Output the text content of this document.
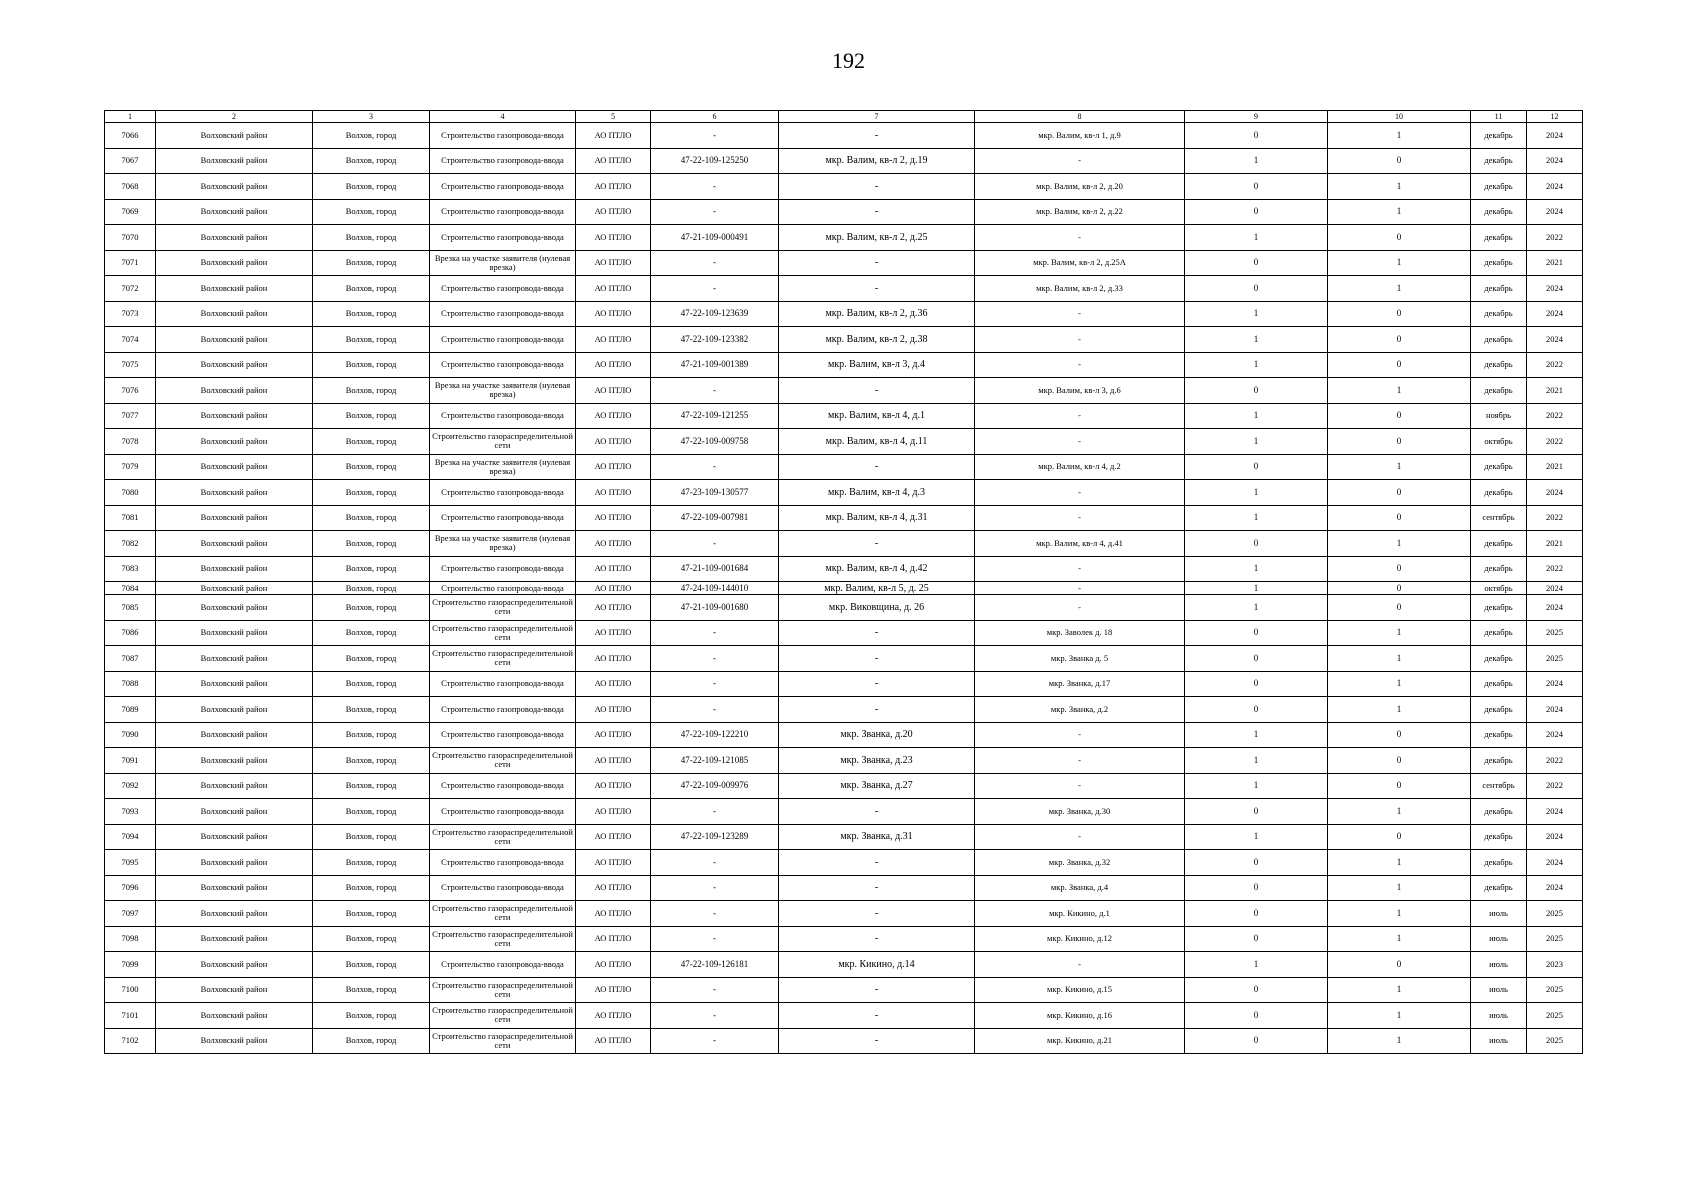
192
1	2	3	4	5	6	7	8	9	10	11	12
7066	Волховский район	Волхов, город	Строительство газопровода-ввода	АО ПТЛО	-	-	мкр. Валим, кв-л 1, д.9	0	1	декабрь	2024
7067	Волховский район	Волхов, город	Строительство газопровода-ввода	АО ПТЛО	47-22-109-125250	мкр. Валим, кв-л 2, д.19	-	1	0	декабрь	2024
7068	Волховский район	Волхов, город	Строительство газопровода-ввода	АО ПТЛО	-	-	мкр. Валим, кв-л 2, д.20	0	1	декабрь	2024
7069	Волховский район	Волхов, город	Строительство газопровода-ввода	АО ПТЛО	-	-	мкр. Валим, кв-л 2, д.22	0	1	декабрь	2024
7070	Волховский район	Волхов, город	Строительство газопровода-ввода	АО ПТЛО	47-21-109-000491	мкр. Валим, кв-л 2, д.25	-	1	0	декабрь	2022
7071	Волховский район	Волхов, город	Врезка на участке заявителя (нулевая врезка)	АО ПТЛО	-	-	мкр. Валим, кв-л 2, д.25А	0	1	декабрь	2021
7072	Волховский район	Волхов, город	Строительство газопровода-ввода	АО ПТЛО	-	-	мкр. Валим, кв-л 2, д.33	0	1	декабрь	2024
7073	Волховский район	Волхов, город	Строительство газопровода-ввода	АО ПТЛО	47-22-109-123639	мкр. Валим, кв-л 2, д.36	-	1	0	декабрь	2024
7074	Волховский район	Волхов, город	Строительство газопровода-ввода	АО ПТЛО	47-22-109-123382	мкр. Валим, кв-л 2, д.38	-	1	0	декабрь	2024
7075	Волховский район	Волхов, город	Строительство газопровода-ввода	АО ПТЛО	47-21-109-001389	мкр. Валим, кв-л 3, д.4	-	1	0	декабрь	2022
7076	Волховский район	Волхов, город	Врезка на участке заявителя (нулевая врезка)	АО ПТЛО	-	-	мкр. Валим, кв-л 3, д.6	0	1	декабрь	2021
7077	Волховский район	Волхов, город	Строительство газопровода-ввода	АО ПТЛО	47-22-109-121255	мкр. Валим, кв-л 4, д.1	-	1	0	ноябрь	2022
7078	Волховский район	Волхов, город	Строительство газораспределительной сети	АО ПТЛО	47-22-109-009758	мкр. Валим, кв-л 4, д.11	-	1	0	октябрь	2022
7079	Волховский район	Волхов, город	Врезка на участке заявителя (нулевая врезка)	АО ПТЛО	-	-	мкр. Валим, кв-л 4, д.2	0	1	декабрь	2021
7080	Волховский район	Волхов, город	Строительство газопровода-ввода	АО ПТЛО	47-23-109-130577	мкр. Валим, кв-л 4, д.3	-	1	0	декабрь	2024
7081	Волховский район	Волхов, город	Строительство газопровода-ввода	АО ПТЛО	47-22-109-007981	мкр. Валим, кв-л 4, д.31	-	1	0	сентябрь	2022
7082	Волховский район	Волхов, город	Врезка на участке заявителя (нулевая врезка)	АО ПТЛО	-	-	мкр. Валим, кв-л 4, д.41	0	1	декабрь	2021
7083	Волховский район	Волхов, город	Строительство газопровода-ввода	АО ПТЛО	47-21-109-001684	мкр. Валим, кв-л 4, д.42	-	1	0	декабрь	2022
7084	Волховский район	Волхов, город	Строительство газопровода-ввода	АО ПТЛО	47-24-109-144010	мкр. Валим, кв-л 5, д. 25	-	1	0	октябрь	2024
7085	Волховский район	Волхов, город	Строительство газораспределительной сети	АО ПТЛО	47-21-109-001680	мкр. Виковщина, д. 26	-	1	0	декабрь	2024
7086	Волховский район	Волхов, город	Строительство газораспределительной сети	АО ПТЛО	-	-	мкр. Заволек д. 18	0	1	декабрь	2025
7087	Волховский район	Волхов, город	Строительство газораспределительной сети	АО ПТЛО	-	-	мкр. Званка д. 5	0	1	декабрь	2025
7088	Волховский район	Волхов, город	Строительство газопровода-ввода	АО ПТЛО	-	-	мкр. Званка, д.17	0	1	декабрь	2024
7089	Волховский район	Волхов, город	Строительство газопровода-ввода	АО ПТЛО	-	-	мкр. Званка, д.2	0	1	декабрь	2024
7090	Волховский район	Волхов, город	Строительство газопровода-ввода	АО ПТЛО	47-22-109-122210	мкр. Званка, д.20	-	1	0	декабрь	2024
7091	Волховский район	Волхов, город	Строительство газораспределительной сети	АО ПТЛО	47-22-109-121085	мкр. Званка, д.23	-	1	0	декабрь	2022
7092	Волховский район	Волхов, город	Строительство газопровода-ввода	АО ПТЛО	47-22-109-009976	мкр. Званка, д.27	-	1	0	сентябрь	2022
7093	Волховский район	Волхов, город	Строительство газопровода-ввода	АО ПТЛО	-	-	мкр. Званка, д.30	0	1	декабрь	2024
7094	Волховский район	Волхов, город	Строительство газораспределительной сети	АО ПТЛО	47-22-109-123289	мкр. Званка, д.31	-	1	0	декабрь	2024
7095	Волховский район	Волхов, город	Строительство газопровода-ввода	АО ПТЛО	-	-	мкр. Званка, д.32	0	1	декабрь	2024
7096	Волховский район	Волхов, город	Строительство газопровода-ввода	АО ПТЛО	-	-	мкр. Званка, д.4	0	1	декабрь	2024
7097	Волховский район	Волхов, город	Строительство газораспределительной сети	АО ПТЛО	-	-	мкр. Кикино, д.1	0	1	июль	2025
7098	Волховский район	Волхов, город	Строительство газораспределительной сети	АО ПТЛО	-	-	мкр. Кикино, д.12	0	1	июль	2025
7099	Волховский район	Волхов, город	Строительство газопровода-ввода	АО ПТЛО	47-22-109-126181	мкр. Кикино, д.14	-	1	0	июль	2023
7100	Волховский район	Волхов, город	Строительство газораспределительной сети	АО ПТЛО	-	-	мкр. Кикино, д.15	0	1	июль	2025
7101	Волховский район	Волхов, город	Строительство газораспределительной сети	АО ПТЛО	-	-	мкр. Кикино, д.16	0	1	июль	2025
7102	Волховский район	Волхов, город	Строительство газораспределительной сети	АО ПТЛО	-	-	мкр. Кикино, д.21	0	1	июль	2025
